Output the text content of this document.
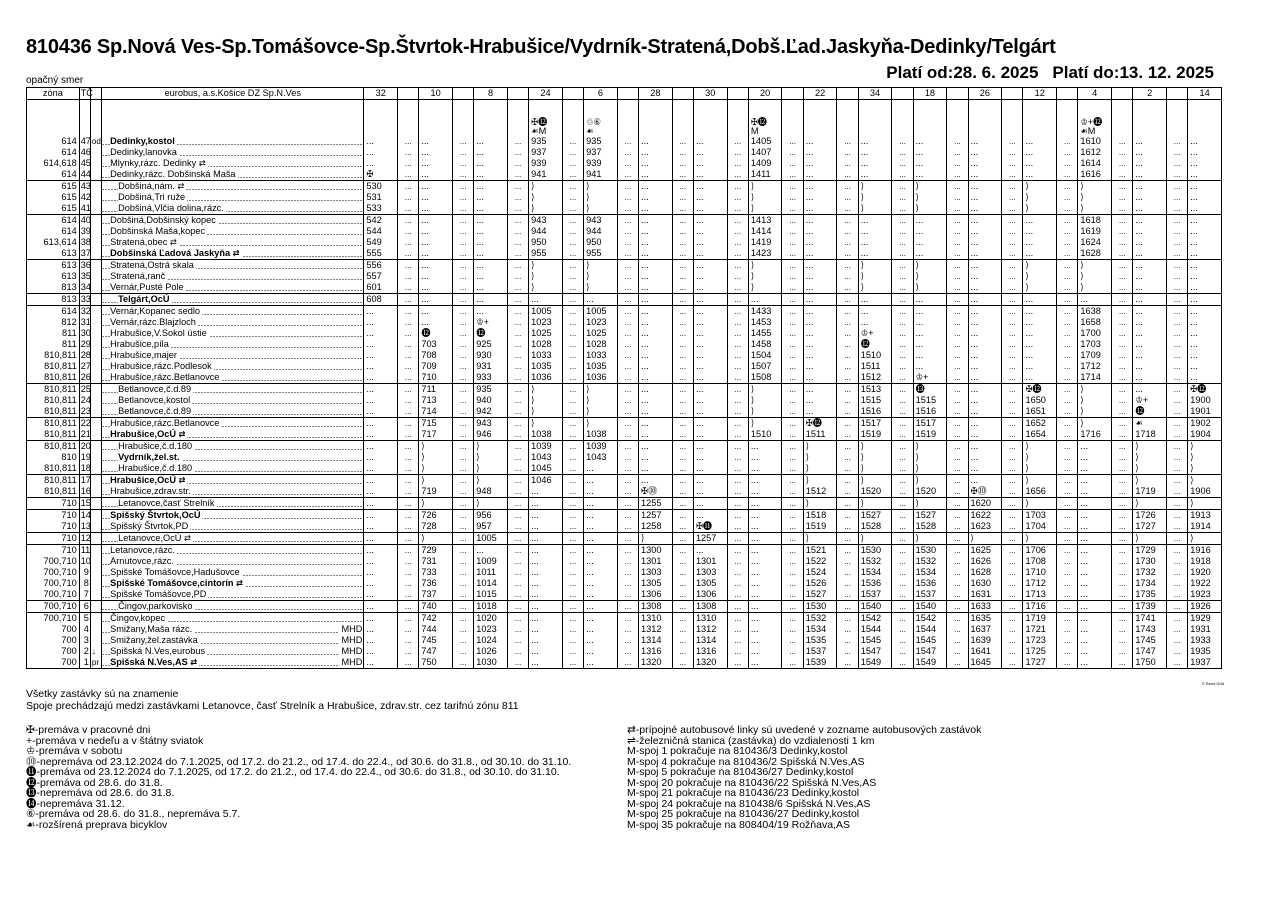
810436 Sp.Nová Ves-Sp.Tomášovce-Sp.Štvrtok-Hrabušice/Vydrník-Stratená,Dobš.Ľad.Jaskyňa-Dedinky/Telgárt
Platí od:28. 6. 2025 Platí do:13. 12. 2025
opačný smer
zóna	TČ		eurobus, a.s.Košice DZ Sp.N.Ves	32		10		8		24		6		28		30		20		22		34		18		26		12		4		2		14
										✠⓬
☙M		♲⑥
☙						✠⓬
M												♔+⓬
☙M				
614	47	od	Dedinky,kostol	...	...	...	...	...	...	935	...	935	...	...	...	...	...	1405	...	...	...	...	...	...	...	...	...	...	...	1610	...	...	...	...
614	46		Dedinky,lanovka	...	...	...	...	...	...	937	...	937	...	...	...	...	...	1407	...	...	...	...	...	...	...	...	...	...	...	1612	...	...	...	...
614,618	45		Mlynky,rázc. Dedinky ⇄	...	...	...	...	...	...	939	...	939	...	...	...	...	...	1409	...	...	...	...	...	...	...	...	...	...	...	1614	...	...	...	...
614	44		Dedinky,rázc. Dobšinská Maša	✠	...	...	...	...	...	941	...	941	...	...	...	...	...	1411	...	...	...	...	...	...	...	...	...	...	...	1616	...	...	...	...
615	43		Dobšiná,nám. ⇄	530	...	...	...	...	...	⟩	...	⟩	...	...	...	...	...	⟩	...	...	...	⟩	...	⟩	...	...	...	⟩	...	⟩	...	...	...	...
615	42		Dobšiná,Tri ruže	531	...	...	...	...	...	⟩	...	⟩	...	...	...	...	...	⟩	...	...	...	⟩	...	⟩	...	...	...	⟩	...	⟩	...	...	...	...
615	41		Dobšiná,Vlčia dolina,rázc.	533	...	...	...	...	...	⟩	...	⟩	...	...	...	...	...	⟩	...	...	...	⟩	...	⟩	...	...	...	⟩	...	⟩	...	...	...	...
614	40		Dobšiná,Dobšinský kopec	542	...	...	...	...	...	943	...	943	...	...	...	...	...	1413	...	...	...	...	...	...	...	...	...	...	...	1618	...	...	...	...
614	39		Dobšinská Maša,kopec	544	...	...	...	...	...	944	...	944	...	...	...	...	...	1414	...	...	...	...	...	...	...	...	...	...	...	1619	...	...	...	...
613,614	38		Stratená,obec ⇄	549	...	...	...	...	...	950	...	950	...	...	...	...	...	1419	...	...	...	...	...	...	...	...	...	...	...	1624	...	...	...	...
613	37		Dobšinská Ľadová Jaskyňa ⇄	555	...	...	...	...	...	955	...	955	...	...	...	...	...	1423	...	...	...	...	...	...	...	...	...	...	...	1628	...	...	...	...
613	36		Stratená,Ostrá skala	556	...	...	...	...	...	⟩	...	⟩	...	...	...	...	...	⟩	...	...	...	⟩	...	⟩	...	...	...	⟩	...	⟩	...	...	...	...
613	35		Stratená,ranč	557	...	...	...	...	...	⟩	...	⟩	...	...	...	...	...	⟩	...	...	...	⟩	...	⟩	...	...	...	⟩	...	⟩	...	...	...	...
813	34		Vernár,Pusté Pole	601	...	...	...	...	...	⟩	...	⟩	...	...	...	...	...	⟩	...	...	...	⟩	...	⟩	...	...	...	⟩	...	⟩	...	...	...	...
813	33		Telgárt,OcÚ	608	...	...	...	...	...	...	...	...	...	...	...	...	...	...	...	...	...	...	...	...	...	...	...	...	...	...	...	...	...	...
614	32		Vernár,Kopanec sedlo	...	...	...	...	...	...	1005	...	1005	...	...	...	...	...	1433	...	...	...	...	...	...	...	...	...	...	...	1638	...	...	...	...
812	31		Vernár,rázc.Blajzloch	...	...	...	...	♔+	...	1023	...	1023	...	...	...	...	...	1453	...	...	...	...	...	...	...	...	...	...	...	1658	...	...	...	...
811	30		Hrabušice,V.Sokol ústie	...	...	⓬	...	⓬	...	1025	...	1025	...	...	...	...	...	1455	...	...	...	♔+	...	...	...	...	...	...	...	1700	...	...	...	...
811	29		Hrabušice,píla	...	...	703	...	925	...	1028	...	1028	...	...	...	...	...	1458	...	...	...	⓬	...	...	...	...	...	...	...	1703	...	...	...	...
810,811	28		Hrabušice,majer	...	...	708	...	930	...	1033	...	1033	...	...	...	...	...	1504	...	...	...	1510	...	...	...	...	...	...	...	1709	...	...	...	...
810,811	27		Hrabušice,rázc.Podlesok	...	...	709	...	931	...	1035	...	1035	...	...	...	...	...	1507	...	...	...	1511	...	...	...	...	...	...	...	1712	...	...	...	...
810,811	26		Hrabušice,rázc.Betlanovce	...	...	710	...	933	...	1036	...	1036	...	...	...	...	...	1508	...	...	...	1512	...	♔+	...	...	...	...	...	1714	...	...	...	...
810,811	25		Betlanovce,č.d.89	...	...	711	...	935	...	⟩	...	⟩	...	...	...	...	...	⟩	...	...	...	1513	...	⓭	...	...	...	✠⓬	...	⟩	...	...	...	✠⓬
810,811	24		Betlanovce,kostol	...	...	713	...	940	...	⟩	...	⟩	...	...	...	...	...	⟩	...	...	...	1515	...	1515	...	...	...	1650	...	⟩	...	♔+	...	1900
810,811	23		Betlanovce,č.d.89	...	...	714	...	942	...	⟩	...	⟩	...	...	...	...	...	⟩	...	...	...	1516	...	1516	...	...	...	1651	...	⟩	...	⓬	...	1901
810,811	22		Hrabušice,rázc.Betlanovce	...	...	715	...	943	...	⟩	...	⟩	...	...	...	...	...	⟩	...	✠⓬	...	1517	...	1517	...	...	...	1652	...	⟩	...	☙	...	1902
810,811	21		Hrabušice,OcÚ ⇄	...	...	717	...	946	...	1038	...	1038	...	...	...	...	...	1510	...	1511	...	1519	...	1519	...	...	...	1654	...	1716	...	1718	...	1904
810,811	20		Hrabušice,č.d.180	...	...	⟩	...	⟩	...	1039	...	1039	...	...	...	...	...	...	...	⟩	...	⟩	...	⟩	...	...	...	⟩	...	...	...	⟩	...	⟩
810	19		Vydrník,žel.st.	...	...	⟩	...	⟩	...	1043	...	1043	...	...	...	...	...	...	...	⟩	...	⟩	...	⟩	...	...	...	⟩	...	...	...	⟩	...	⟩
810,811	18		Hrabušice,č.d.180	...	...	⟩	...	⟩	...	1045	...	...	...	...	...	...	...	...	...	⟩	...	⟩	...	⟩	...	...	...	⟩	...	...	...	⟩	...	⟩
810,811	17		Hrabušice,OcÚ ⇄	...	...	⟩	...	⟩	...	1046	...	...	...	...	...	...	...	...	...	⟩	...	⟩	...	⟩	...	...	...	⟩	...	...	...	⟩	...	⟩
810,811	16		Hrabušice,zdrav.str.	...	...	719	...	948	...	...	...	...	...	✠⓾	...	...	...	...	...	1512	...	1520	...	1520	...	✠⓾	...	1656	...	...	...	1719	...	1906
710	15		Letanovce,časť Strelník	...	...	⟩	...	⟩	...	...	...	...	...	1255	...	...	...	...	...	⟩	...	⟩	...	⟩	...	1620	...	⟩	...	...	...	⟩	...	⟩
710	14		Spišský Štvrtok,OcÚ	...	...	726	...	956	...	...	...	...	...	1257	...	...	...	...	...	1518	...	1527	...	1527	...	1622	...	1703	...	...	...	1726	...	1913
710	13		Spišský Štvrtok,PD	...	...	728	...	957	...	...	...	...	...	1258	...	✠⓫	...	...	...	1519	...	1528	...	1528	...	1623	...	1704	...	...	...	1727	...	1914
710	12		Letanovce,OcÚ ⇄	...	...	⟩	...	1005	...	...	...	...	...	⟩	...	1257	...	...	...	⟩	...	⟩	...	⟩	...	⟩	...	⟩	...	...	...	⟩	...	⟩
710	11		Letanovce,rázc.	...	...	729	...	...	...	...	...	...	...	1300	...	...	...	...	...	1521	...	1530	...	1530	...	1625	...	1706	...	...	...	1729	...	1916
700,710	10		Arnutovce,rázc.	...	...	731	...	1009	...	...	...	...	...	1301	...	1301	...	...	...	1522	...	1532	...	1532	...	1626	...	1708	...	...	...	1730	...	1918
700,710	9		Spišské Tomášovce,Hadušovce	...	...	733	...	1011	...	...	...	...	...	1303	...	1303	...	...	...	1524	...	1534	...	1534	...	1628	...	1710	...	...	...	1732	...	1920
700,710	8		Spišské Tomášovce,cintorín ⇄	...	...	736	...	1014	...	...	...	...	...	1305	...	1305	...	...	...	1526	...	1536	...	1536	...	1630	...	1712	...	...	...	1734	...	1922
700,710	7		Spišské Tomášovce,PD	...	...	737	...	1015	...	...	...	...	...	1306	...	1306	...	...	...	1527	...	1537	...	1537	...	1631	...	1713	...	...	...	1735	...	1923
700,710	6		Čingov,parkovisko	...	...	740	...	1018	...	...	...	...	...	1308	...	1308	...	...	...	1530	...	1540	...	1540	...	1633	...	1716	...	...	...	1739	...	1926
700,710	5		Čingov,kopec	...	...	742	...	1020	...	...	...	...	...	1310	...	1310	...	...	...	1532	...	1542	...	1542	...	1635	...	1719	...	...	...	1741	...	1929
700	4		Smižany,Maša rázc. MHD	...	...	744	...	1023	...	...	...	...	...	1312	...	1312	...	...	...	1534	...	1544	...	1544	...	1637	...	1721	...	...	...	1743	...	1931
700	3		Smižany,žel.zastávka MHD	...	...	745	...	1024	...	...	...	...	...	1314	...	1314	...	...	...	1535	...	1545	...	1545	...	1639	...	1723	...	...	...	1745	...	1933
700	2	↓	Spišská N.Ves,eurobus MHD	...	...	747	...	1026	...	...	...	...	...	1316	...	1316	...	...	...	1537	...	1547	...	1547	...	1641	...	1725	...	...	...	1747	...	1935
700	1	pr	Spišská N.Ves,AS ⇄ MHD	...	...	750	...	1030	...	...	...	...	...	1320	...	1320	...	...	...	1539	...	1549	...	1549	...	1645	...	1727	...	...	...	1750	...	1937
© Rend Grid
Všetky zastávky sú na znamenie
Spoje prechádzajú medzi zastávkami Letanovce, časť Strelník a Hrabušice, zdrav.str. cez tarifnú zónu 811
✠-premáva v pracovné dni
+-premáva v nedeľu a v štátny sviatok
♔-premáva v sobotu
⓾-nepremáva od 23.12.2024 do 7.1.2025, od 17.2. do 21.2., od 17.4. do 22.4., od 30.6. do 31.8., od 30.10. do 31.10.
⓫-premáva od 23.12.2024 do 7.1.2025, od 17.2. do 21.2., od 17.4. do 22.4., od 30.6. do 31.8., od 30.10. do 31.10.
⓬-premáva od 28.6. do 31.8.
⓭-nepremáva od 28.6. do 31.8.
⓮-nepremáva 31.12.
⑥-premáva od 28.6. do 31.8., nepremáva 5.7.
☙-rozšírená preprava bicyklov
⇄-prípojné autobusové linky sú uvedené v zozname autobusových zastávok
⇌-železničná stanica (zastávka) do vzdialenosti 1 km
M-spoj 1 pokračuje na 810436/3 Dedinky,kostol
M-spoj 4 pokračuje na 810436/2 Spišská N.Ves,AS
M-spoj 5 pokračuje na 810436/27 Dedinky,kostol
M-spoj 20 pokračuje na 810436/22 Spišská N.Ves,AS
M-spoj 21 pokračuje na 810436/23 Dedinky,kostol
M-spoj 24 pokračuje na 810438/6 Spišská N.Ves,AS
M-spoj 25 pokračuje na 810436/27 Dedinky,kostol
M-spoj 35 pokračuje na 808404/19 Rožňava,AS
